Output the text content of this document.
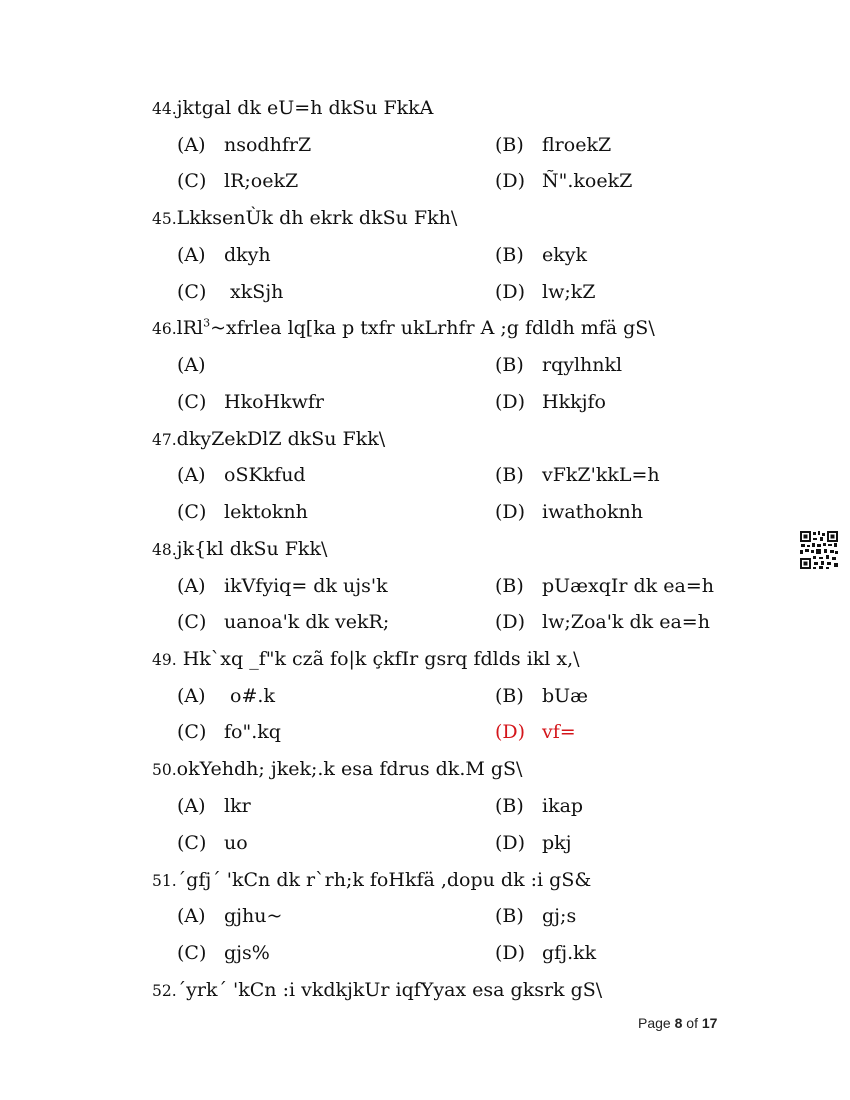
44.jktgal dk eU=h dkSu FkkA
(A) nsodhfrZ	(B) flroekZ
(C) lR;oekZ	(D) Ñ".koekZ
45.LkksenÙk dh ekrk dkSu Fkh\
(A) dkyh	(B) ekyk
(C) xkSjh	(D) lw;kZ
46.lRl$^3$~xfrlea lq[ka p txfr ukLrhfr A ;g fdldh mfä gS\
(A)	(B) rqylhnkl
(C) HkoHkwfr	(D) Hkkjfo
47.dkyZekDlZ dkSu Fkk\
(A) oSKkfud	(B) vFkZ'kkL=h
(C) lektoknh	(D) iwathoknh
48.jk{kl dkSu Fkk\
(A) ikVfyiq= dk ujs'k	(B) pUæxqIr dk ea=h
(C) uanoa'k dk vekR;	(D) lw;Zoa'k dk ea=h
49. Hk`xq _f"k czã fo|k çkfIr gsrq fdlds ikl x,\
(A) o#.k	(B) bUæ
(C) fo".kq	(D) vf=
50.okYehdh; jkek;.k esa fdrus dk.M gS\
(A) lkr	(B) ikap
(C) uo	(D) pkj
51.´gfj´ 'kCn dk r`rh;k foHkfä ,dopu dk :i gS&
(A) gjhu~	(B) gj;s
(C) gjs%	(D) gfj.kk
52.´yrk´ 'kCn :i vkdkjkUr iqfYyax esa gksrk gS\
Page 8 of 17
